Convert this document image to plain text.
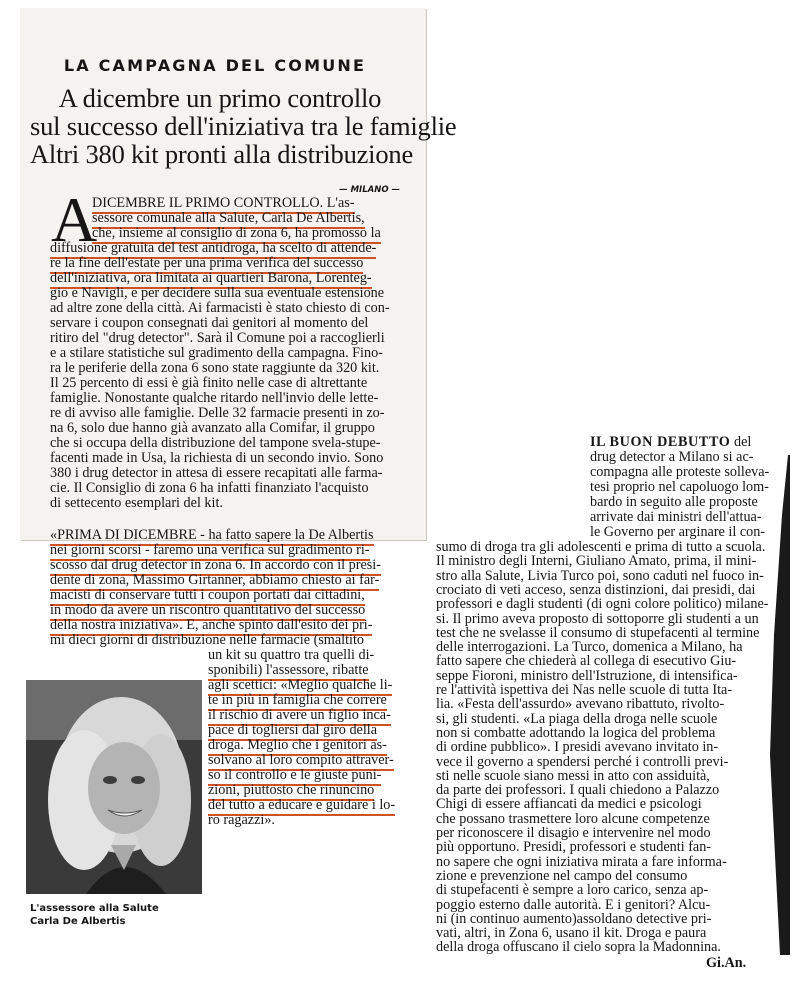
LA CAMPAGNA DEL COMUNE
A dicembre un primo controllo
sul successo dell'iniziativa tra le famiglie
Altri 380 kit pronti alla distribuzione
— MILANO —
A
DICEMBRE IL PRIMO CONTROLLO. L'as-
sessore comunale alla Salute, Carla De Albertis,
che, insieme al consiglio di zona 6, ha promosso la
diffusione gratuita del test antidroga, ha scelto di attende-
re la fine dell'estate per una prima verifica del successo
dell'iniziativa, ora limitata ai quartieri Barona, Lorenteg-
gio e Navigli, e per decidere sulla sua eventuale estensione
ad altre zone della città. Ai farmacisti è stato chiesto di con-
servare i coupon consegnati dai genitori al momento del
ritiro del "drug detector". Sarà il Comune poi a raccoglierli
e a stilare statistiche sul gradimento della campagna. Fino-
ra le periferie della zona 6 sono state raggiunte da 320 kit.
Il 25 percento di essi è già finito nelle case di altrettante
famiglie. Nonostante qualche ritardo nell'invio delle lette-
re di avviso alle famiglie. Delle 32 farmacie presenti in zo-
na 6, solo due hanno già avanzato alla Comifar, il gruppo
che si occupa della distribuzione del tampone svela-stupe-
facenti made in Usa, la richiesta di un secondo invio. Sono
380 i drug detector in attesa di essere recapitati alle farma-
cie. Il Consiglio di zona 6 ha infatti finanziato l'acquisto
di settecento esemplari del kit.
«PRIMA DI DICEMBRE - ha fatto sapere la De Albertis
nei giorni scorsi - faremo una verifica sul gradimento ri-
scosso dal drug detector in zona 6. In accordo con il presi-
dente di zona, Massimo Girtanner, abbiamo chiesto ai far-
macisti di conservare tutti i coupon portati dai cittadini,
in modo da avere un riscontro quantitativo del successo
della nostra iniziativa». E, anche spinto dall'esito dei pri-
mi dieci giorni di distribuzione nelle farmacie (smaltito
un kit su quattro tra quelli di-
sponibili) l'assessore, ribatte
agli scettici: «Meglio qualche li-
te in più in famiglia che correre
il rischio di avere un figlio inca-
pace di togliersi dal giro della
droga. Meglio che i genitori as-
solvano al loro compito attraver-
so il controllo e le giuste puni-
zioni, piuttosto che rinuncino
del tutto a educare e guidare i lo-
ro ragazzi».
L'assessore alla Salute
Carla De Albertis
IL BUON DEBUTTO del
drug detector a Milano si ac-
compagna alle proteste solleva-
tesi proprio nel capoluogo lom-
bardo in seguito alle proposte
arrivate dai ministri dell'attua-
le Governo per arginare il con-
sumo di droga tra gli adolescenti e prima di tutto a scuola.
Il ministro degli Interni, Giuliano Amato, prima, il mini-
stro alla Salute, Livia Turco poi, sono caduti nel fuoco in-
crociato di veti acceso, senza distinzioni, dai presidi, dai
professori e dagli studenti (di ogni colore politico) milane-
si. Il primo aveva proposto di sottoporre gli studenti a un
test che ne svelasse il consumo di stupefacenti al termine
delle interrogazioni. La Turco, domenica a Milano, ha
fatto sapere che chiederà al collega di esecutivo Giu-
seppe Fioroni, ministro dell'Istruzione, di intensifica-
re l'attività ispettiva dei Nas nelle scuole di tutta Ita-
lia. «Festa dell'assurdo» avevano ribattuto, rivolto-
si, gli studenti. «La piaga della droga nelle scuole
non si combatte adottando la logica del problema
di ordine pubblico». I presidi avevano invitato in-
vece il governo a spendersi perché i controlli previ-
sti nelle scuole siano messi in atto con assiduità,
da parte dei professori. I quali chiedono a Palazzo
Chigi di essere affiancati da medici e psicologi
che possano trasmettere loro alcune competenze
per riconoscere il disagio e intervenire nel modo
più opportuno. Presidi, professori e studenti fan-
no sapere che ogni iniziativa mirata a fare informa-
zione e prevenzione nel campo del consumo
di stupefacenti è sempre a loro carico, senza ap-
poggio esterno dalle autorità. E i genitori? Alcu-
ni (in continuo aumento)assoldano detective pri-
vati, altri, in Zona 6, usano il kit. Droga e paura
della droga offuscano il cielo sopra la Madonnina.
Gi.An.
